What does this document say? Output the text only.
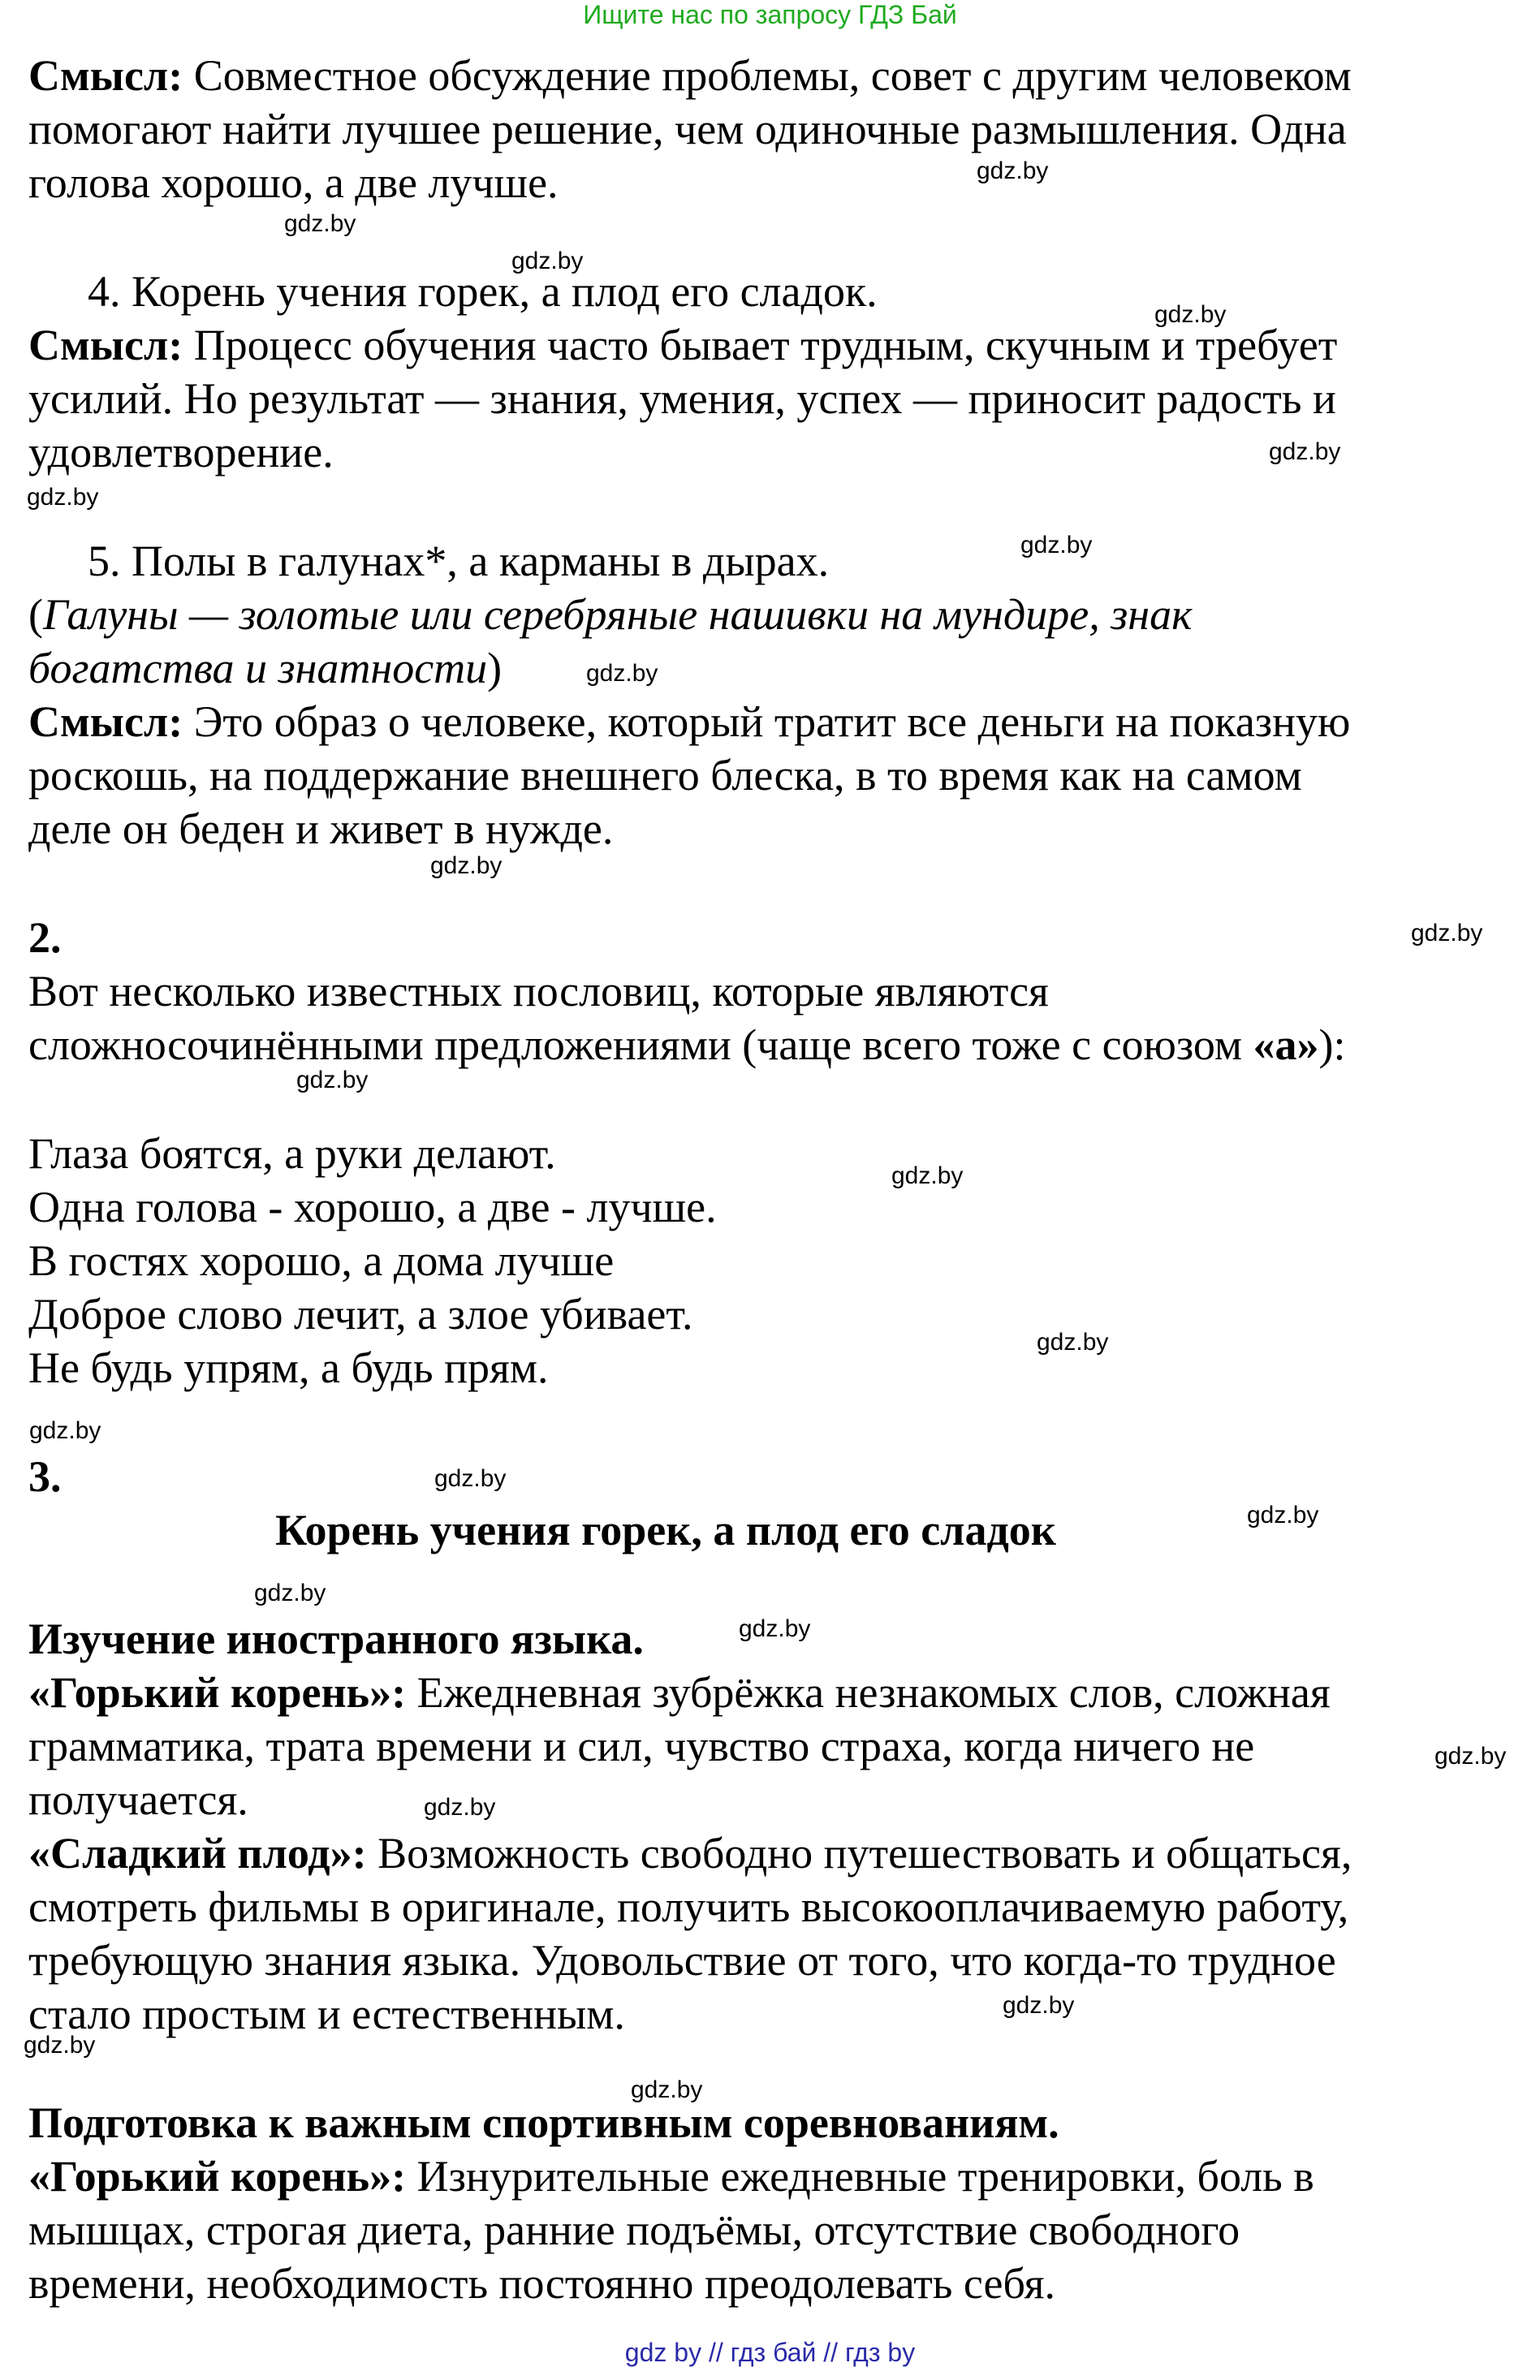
Ищите нас по запросу ГДЗ Бай
Смысл: Совместное обсуждение проблемы, совет с другим человеком
помогают найти лучшее решение, чем одиночные размышления. Одна
голова хорошо, а две лучше.
4. Корень учения горек, а плод его сладок.
Смысл: Процесс обучения часто бывает трудным, скучным и требует
усилий. Но результат — знания, умения, успех — приносит радость и
удовлетворение.
5. Полы в галунах*, а карманы в дырах.
(Галуны — золотые или серебряные нашивки на мундире, знак
богатства и знатности)
Смысл: Это образ о человеке, который тратит все деньги на показную
роскошь, на поддержание внешнего блеска, в то время как на самом
деле он беден и живет в нужде.
2.
Вот несколько известных пословиц, которые являются
сложносочинёнными предложениями (чаще всего тоже с союзом «а»):
Глаза боятся, а руки делают.
Одна голова - хорошо, а две - лучше.
В гостях хорошо, а дома лучше
Доброе слово лечит, а злое убивает.
Не будь упрям, а будь прям.
3.
Корень учения горек, а плод его сладок
Изучение иностранного языка.
«Горький корень»: Ежедневная зубрёжка незнакомых слов, сложная
грамматика, трата времени и сил, чувство страха, когда ничего не
получается.
«Сладкий плод»: Возможность свободно путешествовать и общаться,
смотреть фильмы в оригинале, получить высокооплачиваемую работу,
требующую знания языка. Удовольствие от того, что когда-то трудное
стало простым и естественным.
Подготовка к важным спортивным соревнованиям.
«Горький корень»: Изнурительные ежедневные тренировки, боль в
мышцах, строгая диета, ранние подъёмы, отсутствие свободного
времени, необходимость постоянно преодолевать себя.
gdz.by
gdz.by
gdz.by
gdz.by
gdz.by
gdz.by
gdz.by
gdz.by
gdz.by
gdz.by
gdz.by
gdz.by
gdz.by
gdz.by
gdz.by
gdz.by
gdz.by
gdz.by
gdz.by
gdz.by
gdz.by
gdz.by
gdz.by
gdz by // гдз бай // гдз by
